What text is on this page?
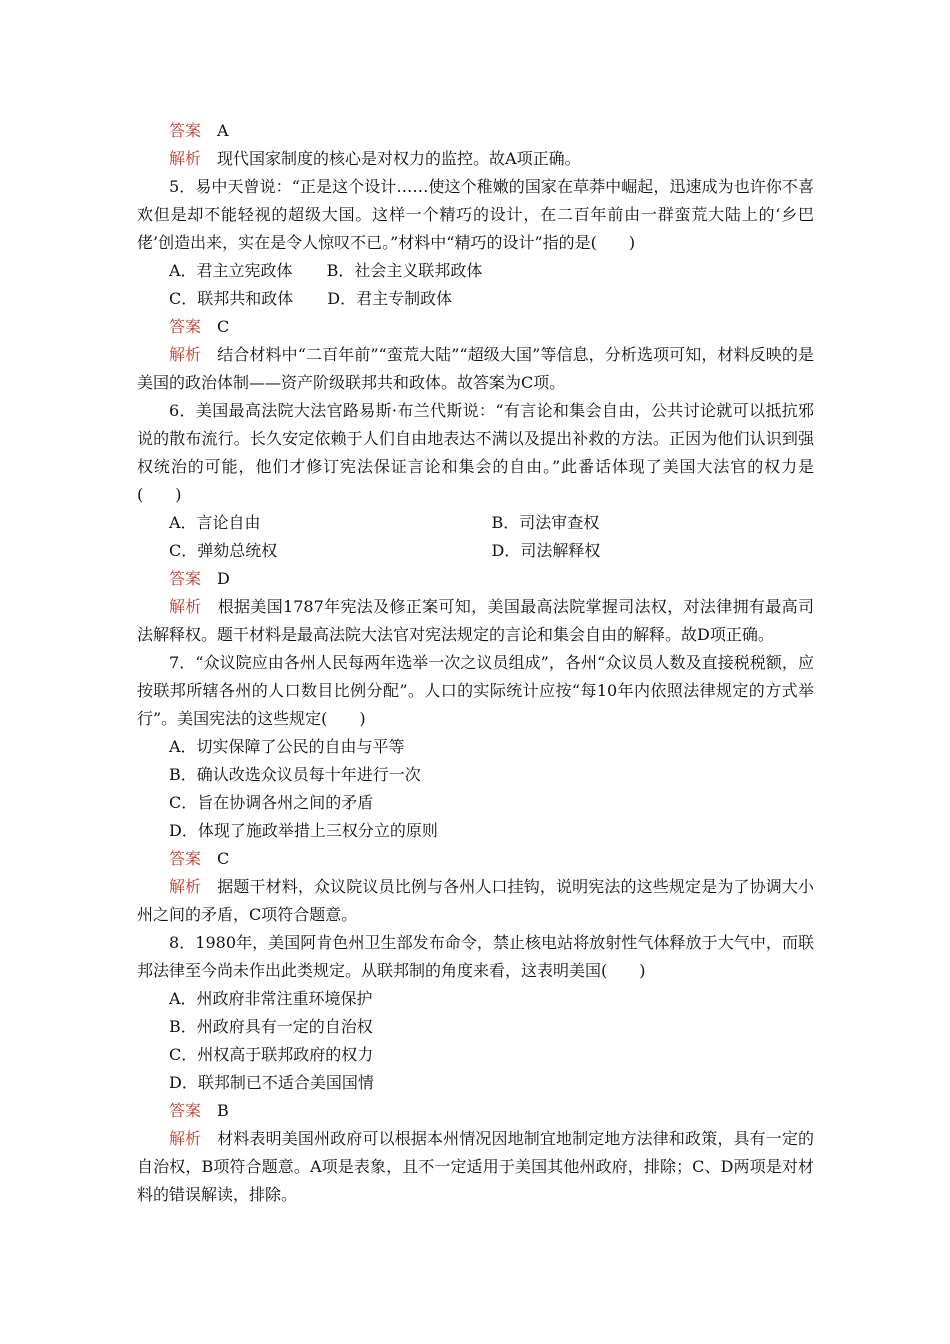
答案 A
解析 现代国家制度的核心是对权力的监控。故A项正确。
5．易中天曾说：“正是这个设计……使这个稚嫩的国家在草莽中崛起，迅速成为也许你不喜欢但是却不能轻视的超级大国。这样一个精巧的设计，在二百年前由一群蛮荒大陆上的‘乡巴佬’创造出来，实在是令人惊叹不已。”材料中“精巧的设计”指的是(　　)
A．君主立宪政体 B．社会主义联邦政体
C．联邦共和政体 D．君主专制政体
答案 C
解析 结合材料中“二百年前”“蛮荒大陆”“超级大国”等信息，分析选项可知，材料反映的是美国的政治体制——资产阶级联邦共和政体。故答案为C项。
6．美国最高法院大法官路易斯·布兰代斯说：“有言论和集会自由，公共讨论就可以抵抗邪说的散布流行。长久安定依赖于人们自由地表达不满以及提出补救的方法。正因为他们认识到强权统治的可能，他们才修订宪法保证言论和集会的自由。”此番话体现了美国大法官的权力是(　　)
A．言论自由	B．司法审查权
C．弹劾总统权	D．司法解释权
答案 D
解析 根据美国1787年宪法及修正案可知，美国最高法院掌握司法权，对法律拥有最高司法解释权。题干材料是最高法院大法官对宪法规定的言论和集会自由的解释。故D项正确。
7．“众议院应由各州人民每两年选举一次之议员组成”，各州“众议员人数及直接税税额，应按联邦所辖各州的人口数目比例分配”。人口的实际统计应按“每10年内依照法律规定的方式举行”。美国宪法的这些规定(　　)
A．切实保障了公民的自由与平等
B．确认改选众议员每十年进行一次
C．旨在协调各州之间的矛盾
D．体现了施政举措上三权分立的原则
答案 C
解析 据题干材料，众议院议员比例与各州人口挂钩，说明宪法的这些规定是为了协调大小州之间的矛盾，C项符合题意。
8．1980年，美国阿肯色州卫生部发布命令，禁止核电站将放射性气体释放于大气中，而联邦法律至今尚未作出此类规定。从联邦制的角度来看，这表明美国(　　)
A．州政府非常注重环境保护
B．州政府具有一定的自治权
C．州权高于联邦政府的权力
D．联邦制已不适合美国国情
答案 B
解析 材料表明美国州政府可以根据本州情况因地制宜地制定地方法律和政策，具有一定的自治权，B项符合题意。A项是表象，且不一定适用于美国其他州政府，排除；C、D两项是对材料的错误解读，排除。
